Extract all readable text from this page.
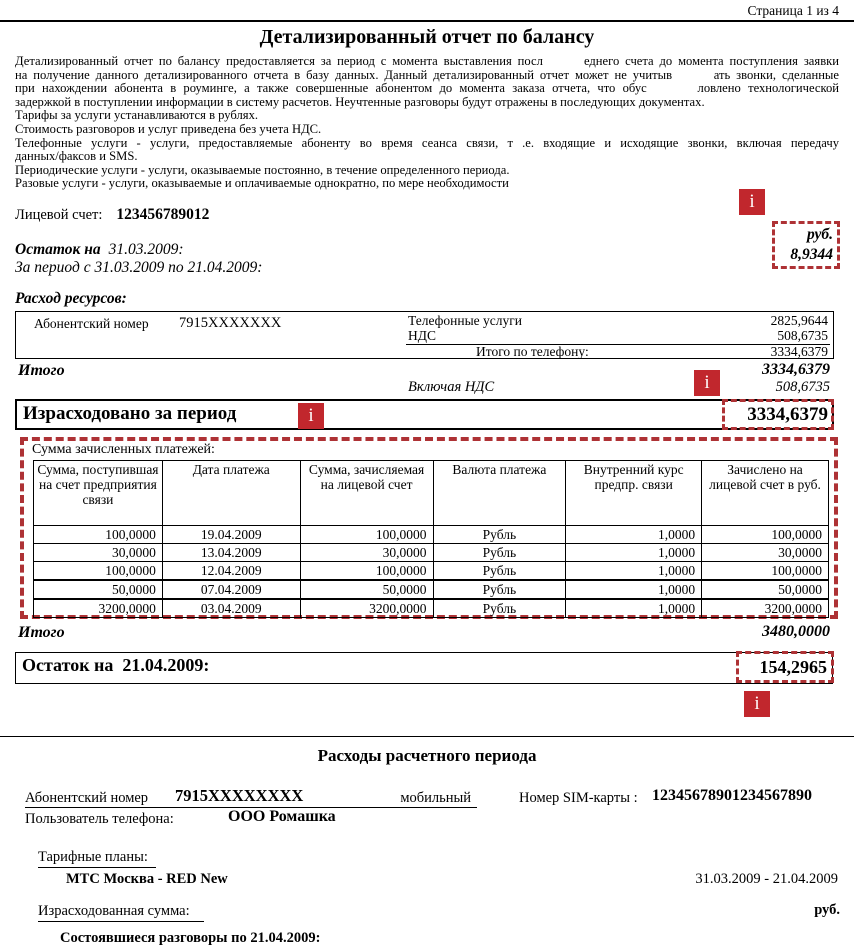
Страница 1 из 4
Детализированный отчет по балансу
Детализированный отчет по балансу предоставляется за период с момента выставления посл       еднего счета до момента поступления заявки
на получение данного детализированного отчета в базу данных. Данный детализированный отчет может не учитыв       ать звонки, сделанные
при нахождении абонента в роуминге, а также совершенные абонентом до момента заказа отчета, что обус       ловлено технологической
задержкой в поступлении информации в систему расчетов. Неучтенные разговоры будут отражены в последующих документах.
Тарифы за услуги устанавливаются в рублях.
Стоимость разговоров и услуг приведена без учета НДС.
Телефонные услуги - услуги, предоставляемые абоненту во время сеанса связи, т .е. входящие и исходящие звонки, включая передачу
данных/факсов и SMS.
Периодические услуги - услуги, оказываемые постоянно, в течение определенного периода.
Разовые услуги - услуги, оказываемые и оплачиваемые однократно, по мере необходимости
Лицевой счет: 123456789012
i
руб.
8,9344
Остаток на 31.03.2009:
За период с 31.03.2009 по 21.04.2009:
Расход ресурсов:
Абонентский номер 7915XXXXXXX	Телефонные услуги	2825,9644
НДС	508,6735
Итого по телефону:	3334,6379
Итого	3334,6379
Включая НДС	i	508,6735
Израсходовано за период	i	3334,6379
Сумма зачисленных платежей:
Сумма, поступившая на счет предприятия связи	Дата платежа	Сумма, зачисляемая на лицевой счет	Валюта платежа	Внутренний курс предпр. связи	Зачислено на лицевой счет в руб.
100,0000	19.04.2009	100,0000	Рубль	1,0000	100,0000
30,0000	13.04.2009	30,0000	Рубль	1,0000	30,0000
100,0000	12.04.2009	100,0000	Рубль	1,0000	100,0000
50,0000	07.04.2009	50,0000	Рубль	1,0000	50,0000
3200,0000	03.04.2009	3200,0000	Рубль	1,0000	3200,0000
Итого	3480,0000
Остаток на  21.04.2009:	154,2965
i
Расходы расчетного периода
Абонентский номер 7915XXXXXXXX	мобильный	Номер SIM-карты : 12345678901234567890
Пользователь телефона:	ООО Ромашка
Тарифные планы:
МТС Москва - RED New	31.03.2009 - 21.04.2009
Израсходованная сумма:	руб.
Состоявшиеся разговоры по 21.04.2009:
